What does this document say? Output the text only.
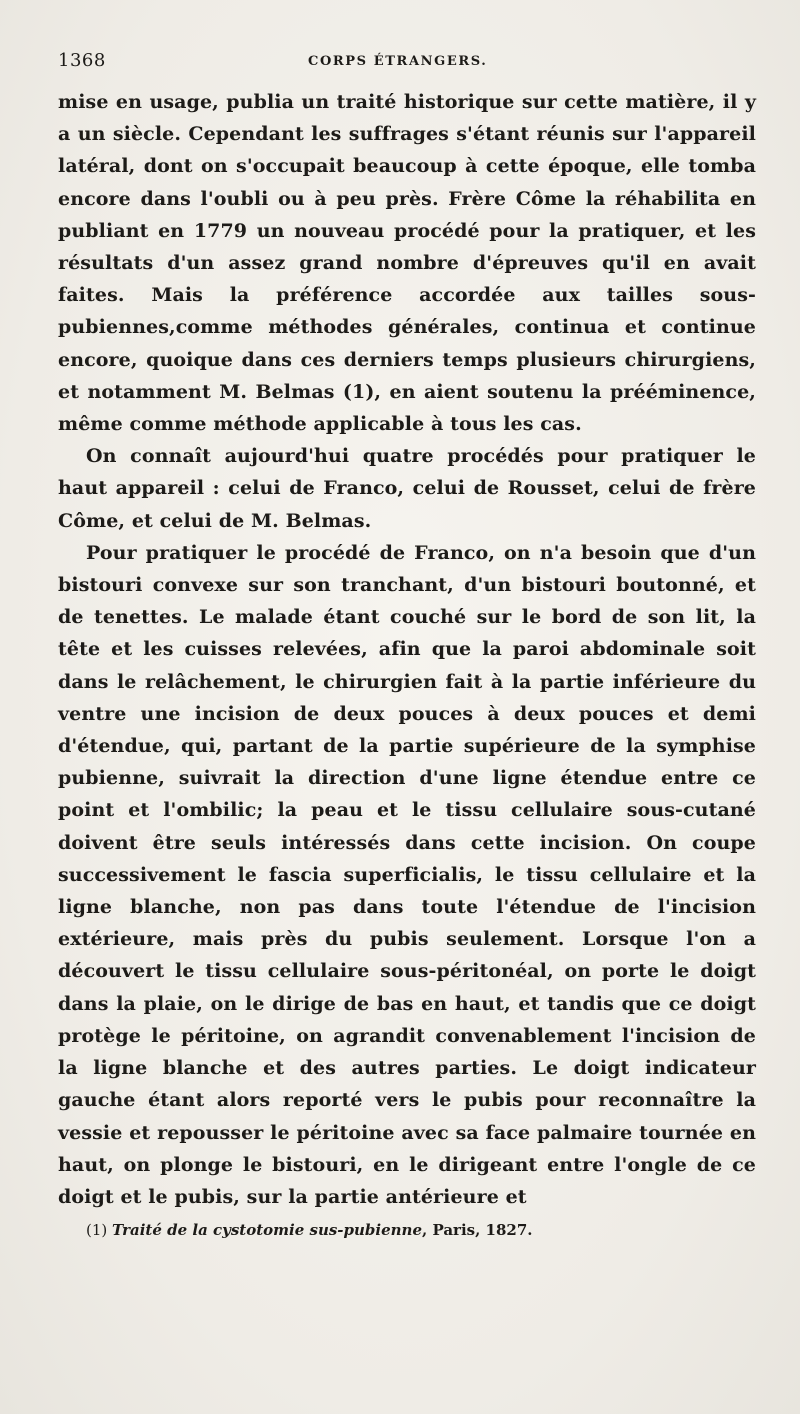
1368	CORPS ÉTRANGERS.

mise en usage, publia un traité historique sur cette matière, il y a un siècle. Cependant les suffrages s'étant réunis sur l'appareil latéral, dont on s'occupait beaucoup à cette époque, elle tomba encore dans l'oubli ou à peu près. Frère Côme la réhabilita en publiant en 1779 un nouveau procédé pour la pratiquer, et les résultats d'un assez grand nombre d'épreuves qu'il en avait faites. Mais la préférence accordée aux tailles sous-pubiennes,comme méthodes générales, continua et continue encore, quoique dans ces derniers temps plusieurs chirurgiens, et notamment M. Belmas (1), en aient soutenu la prééminence, même comme méthode applicable à tous les cas.

On connaît aujourd'hui quatre procédés pour pratiquer le haut appareil : celui de Franco, celui de Rousset, celui de frère Côme, et celui de M. Belmas.

Pour pratiquer le procédé de Franco, on n'a besoin que d'un bistouri convexe sur son tranchant, d'un bistouri boutonné, et de tenettes. Le malade étant couché sur le bord de son lit, la tête et les cuisses relevées, afin que la paroi abdominale soit dans le relâchement, le chirurgien fait à la partie inférieure du ventre une incision de deux pouces à deux pouces et demi d'étendue, qui, partant de la partie supérieure de la symphise pubienne, suivrait la direction d'une ligne étendue entre ce point et l'ombilic; la peau et le tissu cellulaire sous-cutané doivent être seuls intéressés dans cette incision. On coupe successivement le fascia superficialis, le tissu cellulaire et la ligne blanche, non pas dans toute l'étendue de l'incision extérieure, mais près du pubis seulement. Lorsque l'on a découvert le tissu cellulaire sous-péritonéal, on porte le doigt dans la plaie, on le dirige de bas en haut, et tandis que ce doigt protège le péritoine, on agrandit convenablement l'incision de la ligne blanche et des autres parties. Le doigt indicateur gauche étant alors reporté vers le pubis pour reconnaître la vessie et repousser le péritoine avec sa face palmaire tournée en haut, on plonge le bistouri, en le dirigeant entre l'ongle de ce doigt et le pubis, sur la partie antérieure et

(1) Traité de la cystotomie sus-pubienne, Paris, 1827.
